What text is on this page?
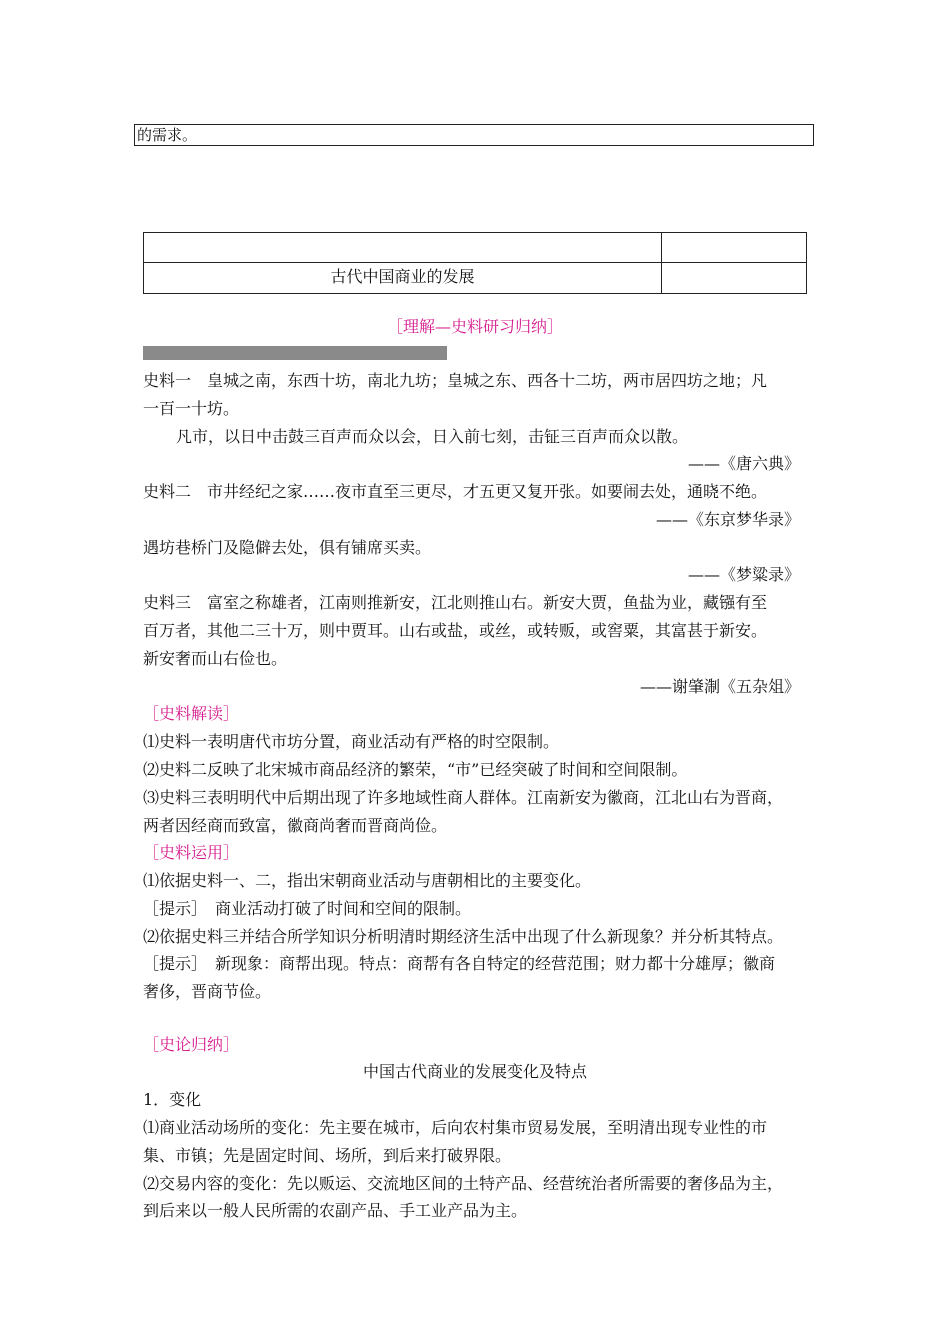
的需求。
古代中国商业的发展
［理解—史料研习归纳］
史料一　皇城之南，东西十坊，南北九坊；皇城之东、西各十二坊，两市居四坊之地；凡
一百一十坊。
凡市，以日中击鼓三百声而众以会，日入前七刻，击钲三百声而众以散。
——《唐六典》
史料二　市井经纪之家……夜市直至三更尽，才五更又复开张。如要闹去处，通晓不绝。
——《东京梦华录》
遇坊巷桥门及隐僻去处，俱有铺席买卖。
——《梦粱录》
史料三　富室之称雄者，江南则推新安，江北则推山右。新安大贾，鱼盐为业，藏镪有至
百万者，其他二三十万，则中贾耳。山右或盐，或丝，或转贩，或窖粟，其富甚于新安。
新安奢而山右俭也。
——谢肇淛《五杂俎》
［史料解读］
⑴史料一表明唐代市坊分置，商业活动有严格的时空限制。
⑵史料二反映了北宋城市商品经济的繁荣，“市”已经突破了时间和空间限制。
⑶史料三表明明代中后期出现了许多地域性商人群体。江南新安为徽商，江北山右为晋商，
两者因经商而致富，徽商尚奢而晋商尚俭。
［史料运用］
⑴依据史料一、二，指出宋朝商业活动与唐朝相比的主要变化。
［提示］　商业活动打破了时间和空间的限制。
⑵依据史料三并结合所学知识分析明清时期经济生活中出现了什么新现象？并分析其特点。
［提示］　新现象：商帮出现。特点：商帮有各自特定的经营范围；财力都十分雄厚；徽商
奢侈，晋商节俭。
［史论归纳］
中国古代商业的发展变化及特点
1．变化
⑴商业活动场所的变化：先主要在城市，后向农村集市贸易发展，至明清出现专业性的市
集、市镇；先是固定时间、场所，到后来打破界限。
⑵交易内容的变化：先以贩运、交流地区间的土特产品、经营统治者所需要的奢侈品为主，
到后来以一般人民所需的农副产品、手工业产品为主。
